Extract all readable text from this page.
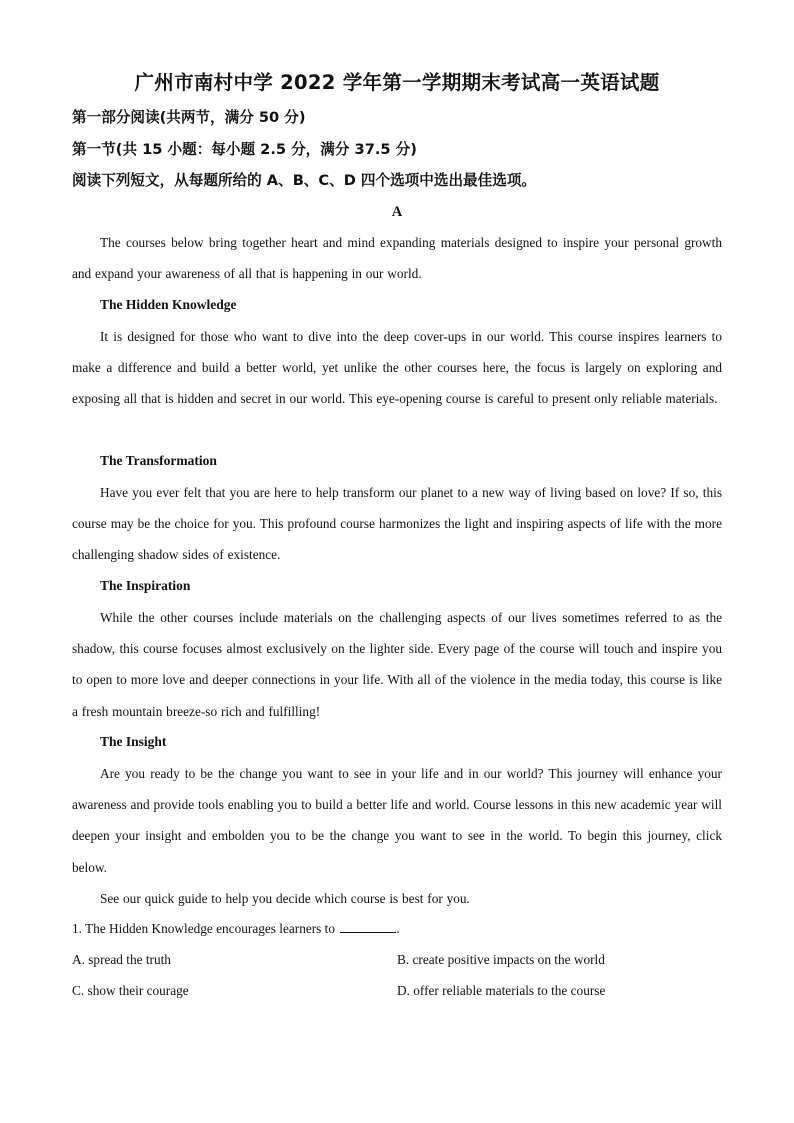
广州市南村中学 2022 学年第一学期期末考试高一英语试题
第一部分阅读(共两节，满分 50 分)
第一节(共 15 小题：每小题 2.5 分，满分 37.5 分)
阅读下列短文，从每题所给的 A、B、C、D 四个选项中选出最佳选项。
A

The courses below bring together heart and mind expanding materials designed to inspire your personal growth and expand your awareness of all that is happening in our world.

The Hidden Knowledge

It is designed for those who want to dive into the deep cover-ups in our world. This course inspires learners to make a difference and build a better world, yet unlike the other courses here, the focus is largely on exploring and exposing all that is hidden and secret in our world. This eye-opening course is careful to present only reliable materials.

The Transformation

Have you ever felt that you are here to help transform our planet to a new way of living based on love? If so, this course may be the choice for you. This profound course harmonizes the light and inspiring aspects of life with the more challenging shadow sides of existence.

The Inspiration

While the other courses include materials on the challenging aspects of our lives sometimes referred to as the shadow, this course focuses almost exclusively on the lighter side. Every page of the course will touch and inspire you to open to more love and deeper connections in your life. With all of the violence in the media today, this course is like a fresh mountain breeze-so rich and fulfilling!

The Insight

Are you ready to be the change you want to see in your life and in our world? This journey will enhance your awareness and provide tools enabling you to build a better life and world. Course lessons in this new academic year will deepen your insight and embolden you to be the change you want to see in the world. To begin this journey, click below.

See our quick guide to help you decide which course is best for you.

1. The Hidden Knowledge encourages learners to	.
A. spread the truth	B. create positive impacts on the world
C. show their courage	D. offer reliable materials to the course
